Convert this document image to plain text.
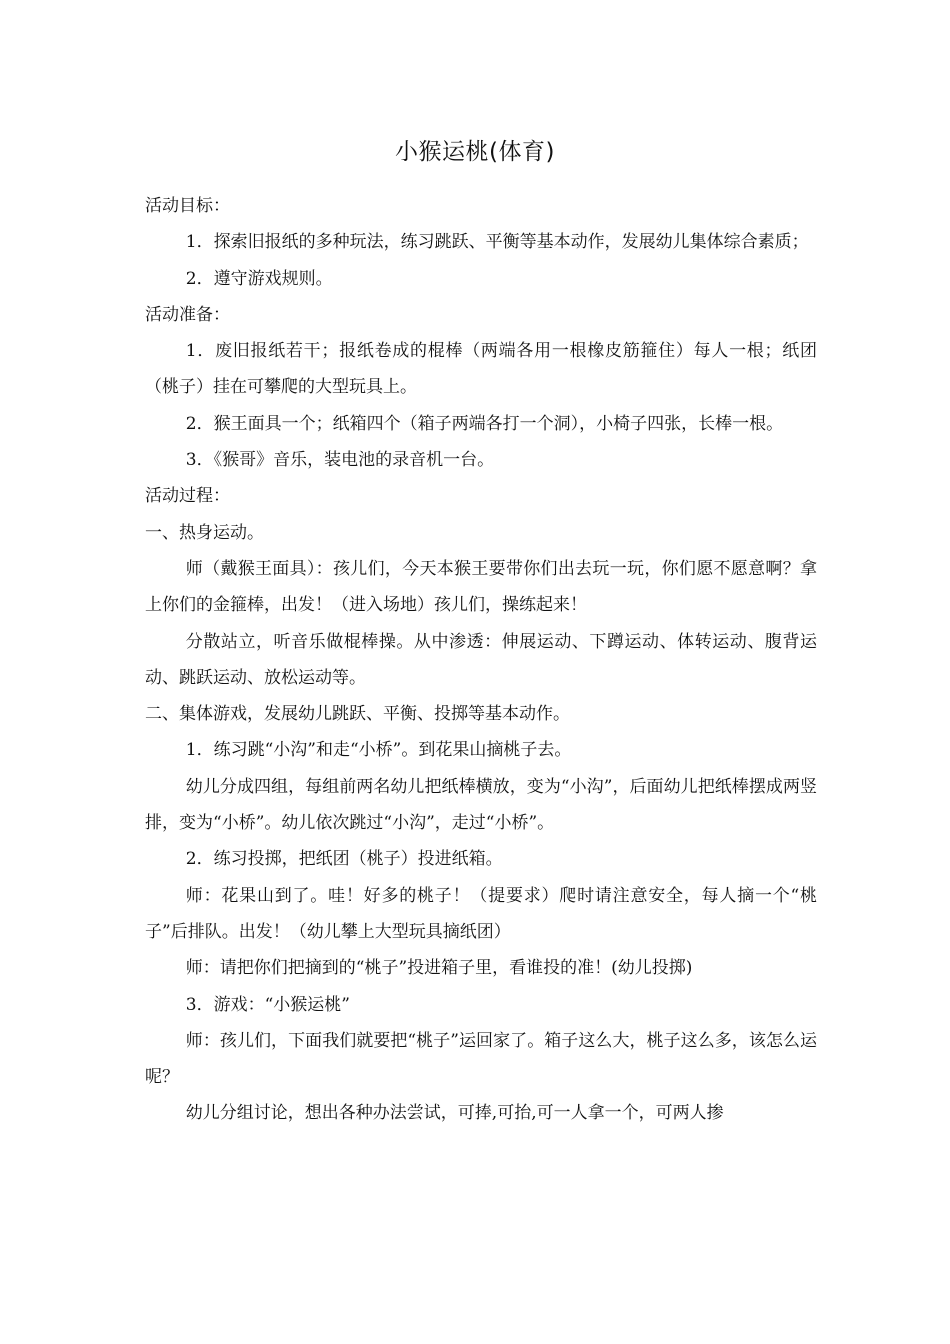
小猴运桃(体育)

活动目标：

1．探索旧报纸的多种玩法，练习跳跃、平衡等基本动作，发展幼儿集体综合素质；

2．遵守游戏规则。

活动准备：

1．废旧报纸若干；报纸卷成的棍棒（两端各用一根橡皮筋箍住）每人一根；纸团（桃子）挂在可攀爬的大型玩具上。

2．猴王面具一个；纸箱四个（箱子两端各打一个洞），小椅子四张，长棒一根。

3．《猴哥》音乐，装电池的录音机一台。

活动过程：

一、热身运动。

师（戴猴王面具）：孩儿们，今天本猴王要带你们出去玩一玩，你们愿不愿意啊？拿上你们的金箍棒，出发！（进入场地）孩儿们，操练起来！

分散站立，听音乐做棍棒操。从中渗透：伸展运动、下蹲运动、体转运动、腹背运动、跳跃运动、放松运动等。

二、集体游戏，发展幼儿跳跃、平衡、投掷等基本动作。

1．练习跳“小沟”和走“小桥”。到花果山摘桃子去。

幼儿分成四组，每组前两名幼儿把纸棒横放，变为“小沟”，后面幼儿把纸棒摆成两竖排，变为“小桥”。幼儿依次跳过“小沟”，走过“小桥”。

2．练习投掷，把纸团（桃子）投进纸箱。

师：花果山到了。哇！好多的桃子！（提要求）爬时请注意安全，每人摘一个“桃子”后排队。出发！（幼儿攀上大型玩具摘纸团）

师：请把你们把摘到的“桃子”投进箱子里，看谁投的准！(幼儿投掷)

3．游戏：“小猴运桃”

师：孩儿们，下面我们就要把“桃子”运回家了。箱子这么大，桃子这么多，该怎么运呢？

幼儿分组讨论，想出各种办法尝试，可捧,可抬,可一人拿一个，可两人掺
